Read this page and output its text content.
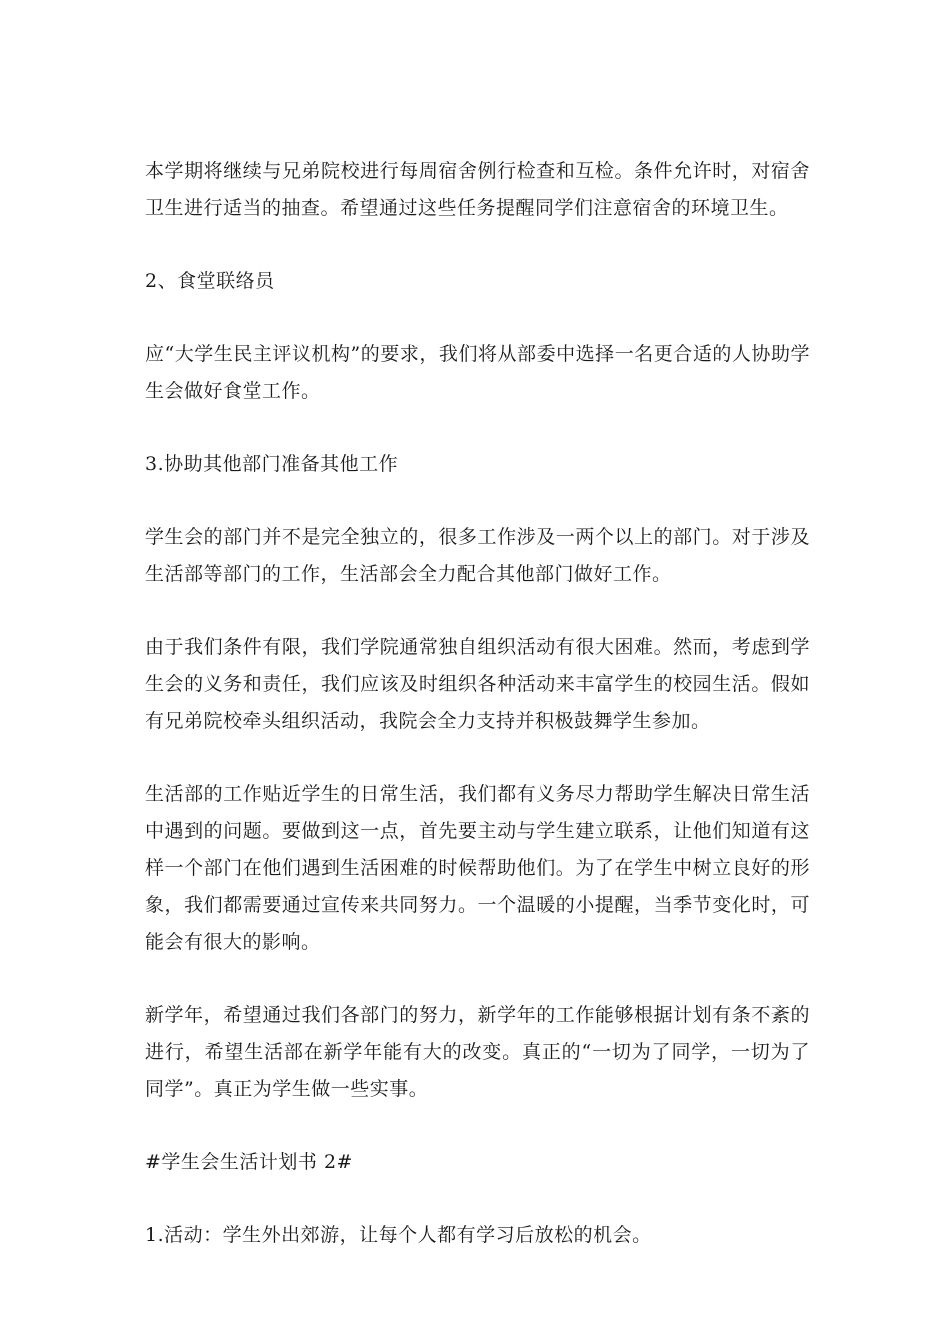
本学期将继续与兄弟院校进行每周宿舍例行检查和互检。条件允许时，对宿舍卫生进行适当的抽查。希望通过这些任务提醒同学们注意宿舍的环境卫生。

2、食堂联络员

应“大学生民主评议机构”的要求，我们将从部委中选择一名更合适的人协助学生会做好食堂工作。

3.协助其他部门准备其他工作

学生会的部门并不是完全独立的，很多工作涉及一两个以上的部门。对于涉及生活部等部门的工作，生活部会全力配合其他部门做好工作。

由于我们条件有限，我们学院通常独自组织活动有很大困难。然而，考虑到学生会的义务和责任，我们应该及时组织各种活动来丰富学生的校园生活。假如有兄弟院校牵头组织活动，我院会全力支持并积极鼓舞学生参加。

生活部的工作贴近学生的日常生活，我们都有义务尽力帮助学生解决日常生活中遇到的问题。要做到这一点，首先要主动与学生建立联系，让他们知道有这样一个部门在他们遇到生活困难的时候帮助他们。为了在学生中树立良好的形象，我们都需要通过宣传来共同努力。一个温暖的小提醒，当季节变化时，可能会有很大的影响。

新学年，希望通过我们各部门的努力，新学年的工作能够根据计划有条不紊的进行，希望生活部在新学年能有大的改变。真正的“一切为了同学，一切为了同学”。真正为学生做一些实事。

#学生会生活计划书 2#

1.活动：学生外出郊游，让每个人都有学习后放松的机会。
